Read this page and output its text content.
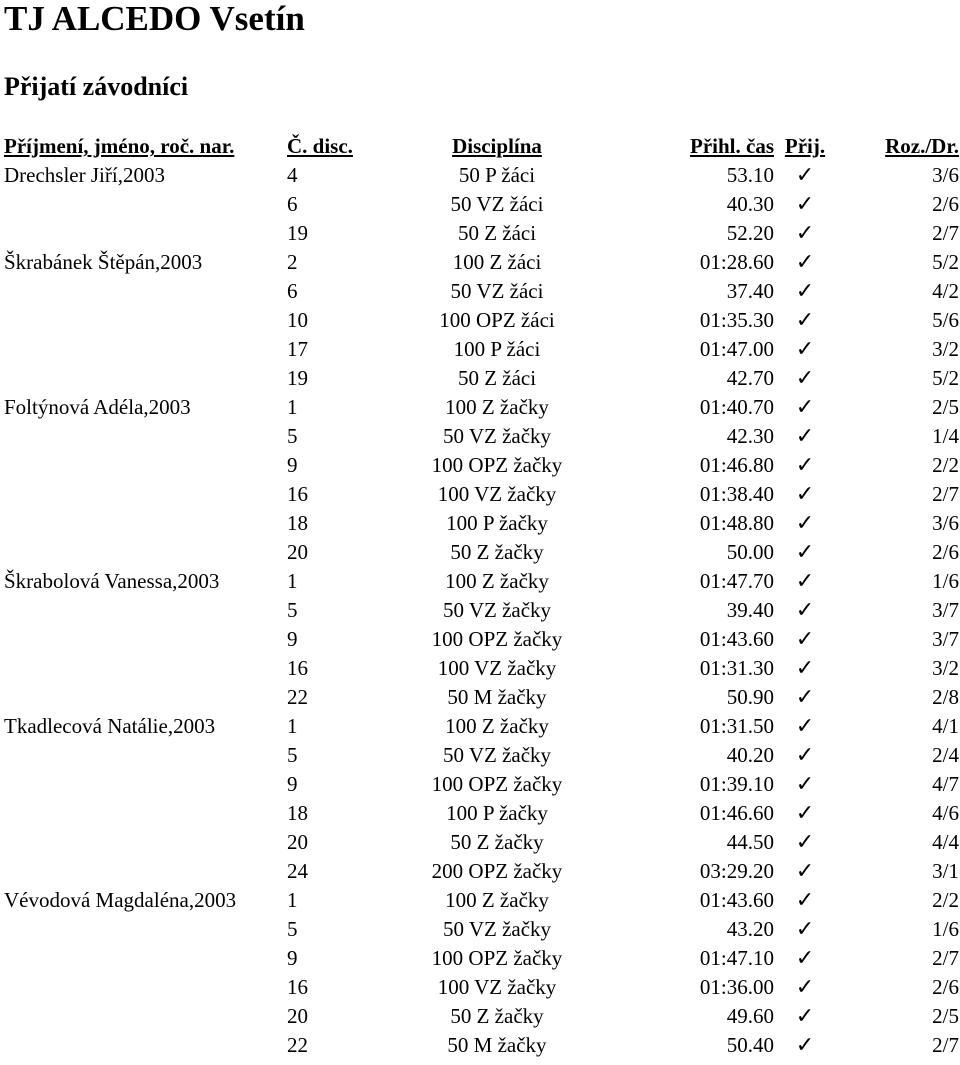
TJ ALCEDO Vsetín
Přijatí závodníci
Příjmení, jméno, roč. nar.	Č. disc.	Disciplína	Přihl. čas	Přij.	Roz./Dr.
Drechsler Jiří,2003	4	50 P žáci	53.10	✓	3/6
	6	50 VZ žáci	40.30	✓	2/6
	19	50 Z žáci	52.20	✓	2/7
Škrabánek Štěpán,2003	2	100 Z žáci	01:28.60	✓	5/2
	6	50 VZ žáci	37.40	✓	4/2
	10	100 OPZ žáci	01:35.30	✓	5/6
	17	100 P žáci	01:47.00	✓	3/2
	19	50 Z žáci	42.70	✓	5/2
Foltýnová Adéla,2003	1	100 Z žačky	01:40.70	✓	2/5
	5	50 VZ žačky	42.30	✓	1/4
	9	100 OPZ žačky	01:46.80	✓	2/2
	16	100 VZ žačky	01:38.40	✓	2/7
	18	100 P žačky	01:48.80	✓	3/6
	20	50 Z žačky	50.00	✓	2/6
Škrabolová Vanessa,2003	1	100 Z žačky	01:47.70	✓	1/6
	5	50 VZ žačky	39.40	✓	3/7
	9	100 OPZ žačky	01:43.60	✓	3/7
	16	100 VZ žačky	01:31.30	✓	3/2
	22	50 M žačky	50.90	✓	2/8
Tkadlecová Natálie,2003	1	100 Z žačky	01:31.50	✓	4/1
	5	50 VZ žačky	40.20	✓	2/4
	9	100 OPZ žačky	01:39.10	✓	4/7
	18	100 P žačky	01:46.60	✓	4/6
	20	50 Z žačky	44.50	✓	4/4
	24	200 OPZ žačky	03:29.20	✓	3/1
Vévodová Magdaléna,2003	1	100 Z žačky	01:43.60	✓	2/2
	5	50 VZ žačky	43.20	✓	1/6
	9	100 OPZ žačky	01:47.10	✓	2/7
	16	100 VZ žačky	01:36.00	✓	2/6
	20	50 Z žačky	49.60	✓	2/5
	22	50 M žačky	50.40	✓	2/7
